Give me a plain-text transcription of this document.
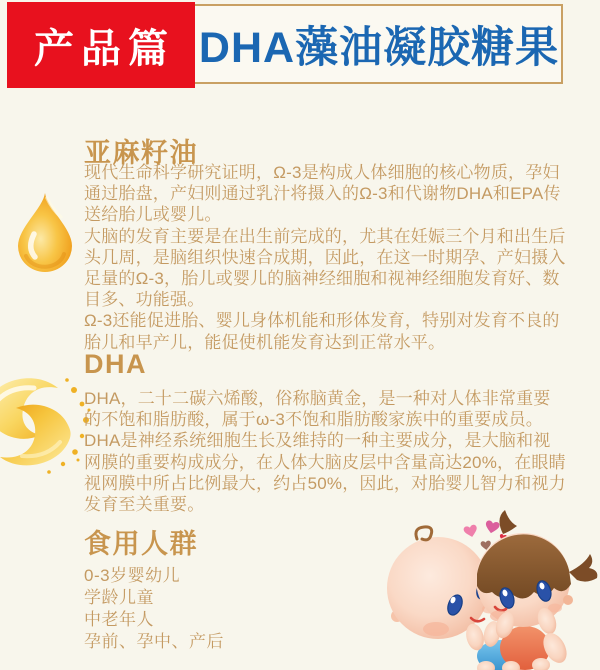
DHA藻油凝胶糖果
产品篇
亚麻籽油

现代生命科学研究证明，Ω-3是构成人体细胞的核心物质，孕妇通过胎盘，产妇则通过乳汁将摄入的Ω-3和代谢物DHA和EPA传送给胎儿或婴儿。

大脑的发育主要是在出生前完成的，尤其在妊娠三个月和出生后头几周，是脑组织快速合成期，因此，在这一时期孕、产妇摄入足量的Ω-3，胎儿或婴儿的脑神经细胞和视神经细胞发育好、数目多、功能强。

Ω-3还能促进胎、婴儿身体机能和形体发育，特别对发育不良的胎儿和早产儿，能促使机能发育达到正常水平。

DHA

DHA，二十二碳六烯酸，俗称脑黄金，是一种对人体非常重要的不饱和脂肪酸，属于ω-3不饱和脂肪酸家族中的重要成员。DHA是神经系统细胞生长及维持的一种主要成分，是大脑和视网膜的重要构成成分，在人体大脑皮层中含量高达20%，在眼睛视网膜中所占比例最大，约占50%，因此，对胎婴儿智力和视力发育至关重要。

食用人群
0-3岁婴幼儿
学龄儿童
中老年人
孕前、孕中、产后
